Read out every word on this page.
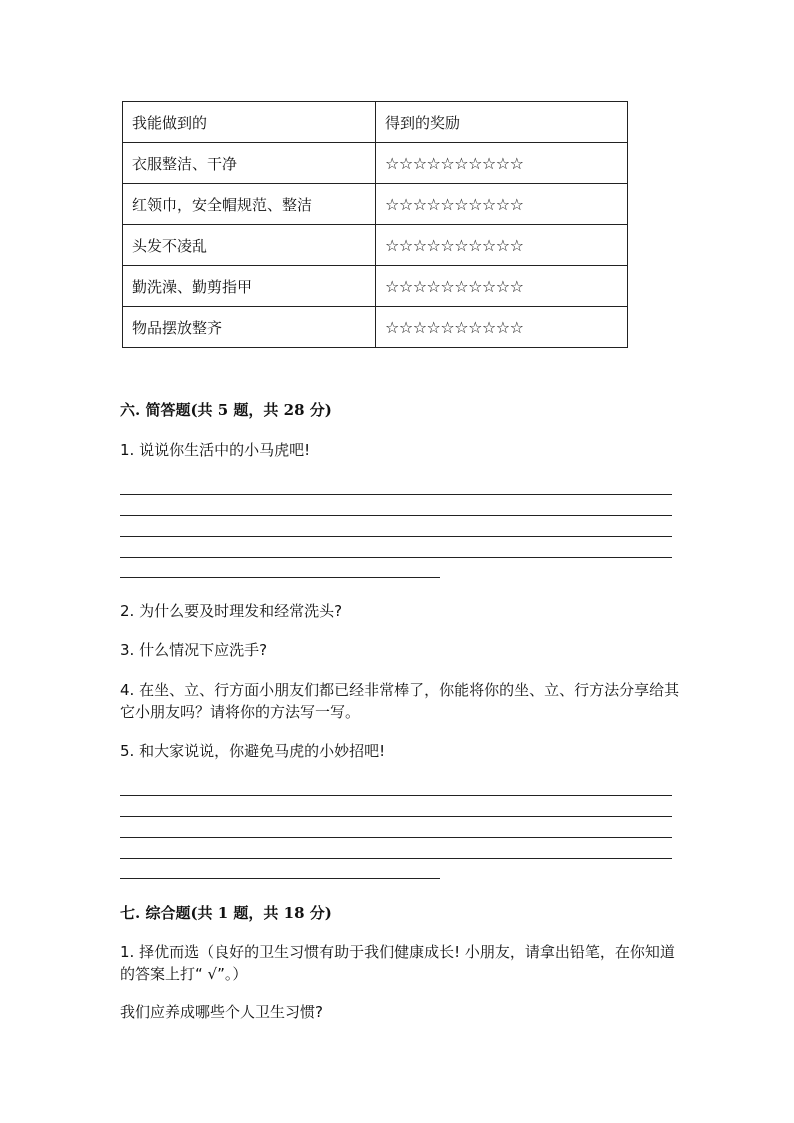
我能做到的	得到的奖励
衣服整洁、干净	☆☆☆☆☆☆☆☆☆☆
红领巾，安全帽规范、整洁	☆☆☆☆☆☆☆☆☆☆
头发不凌乱	☆☆☆☆☆☆☆☆☆☆
勤洗澡、勤剪指甲	☆☆☆☆☆☆☆☆☆☆
物品摆放整齐	☆☆☆☆☆☆☆☆☆☆
六. 简答题(共 5 题，共 28 分)
1. 说说你生活中的小马虎吧!
2. 为什么要及时理发和经常洗头?
3. 什么情况下应洗手?
4. 在坐、立、行方面小朋友们都已经非常棒了，你能将你的坐、立、行方法分享给其它小朋友吗？请将你的方法写一写。
5. 和大家说说，你避免马虎的小妙招吧!
七. 综合题(共 1 题，共 18 分)
1. 择优而选（良好的卫生习惯有助于我们健康成长! 小朋友，请拿出铅笔，在你知道的答案上打“ √”。）
我们应养成哪些个人卫生习惯?
